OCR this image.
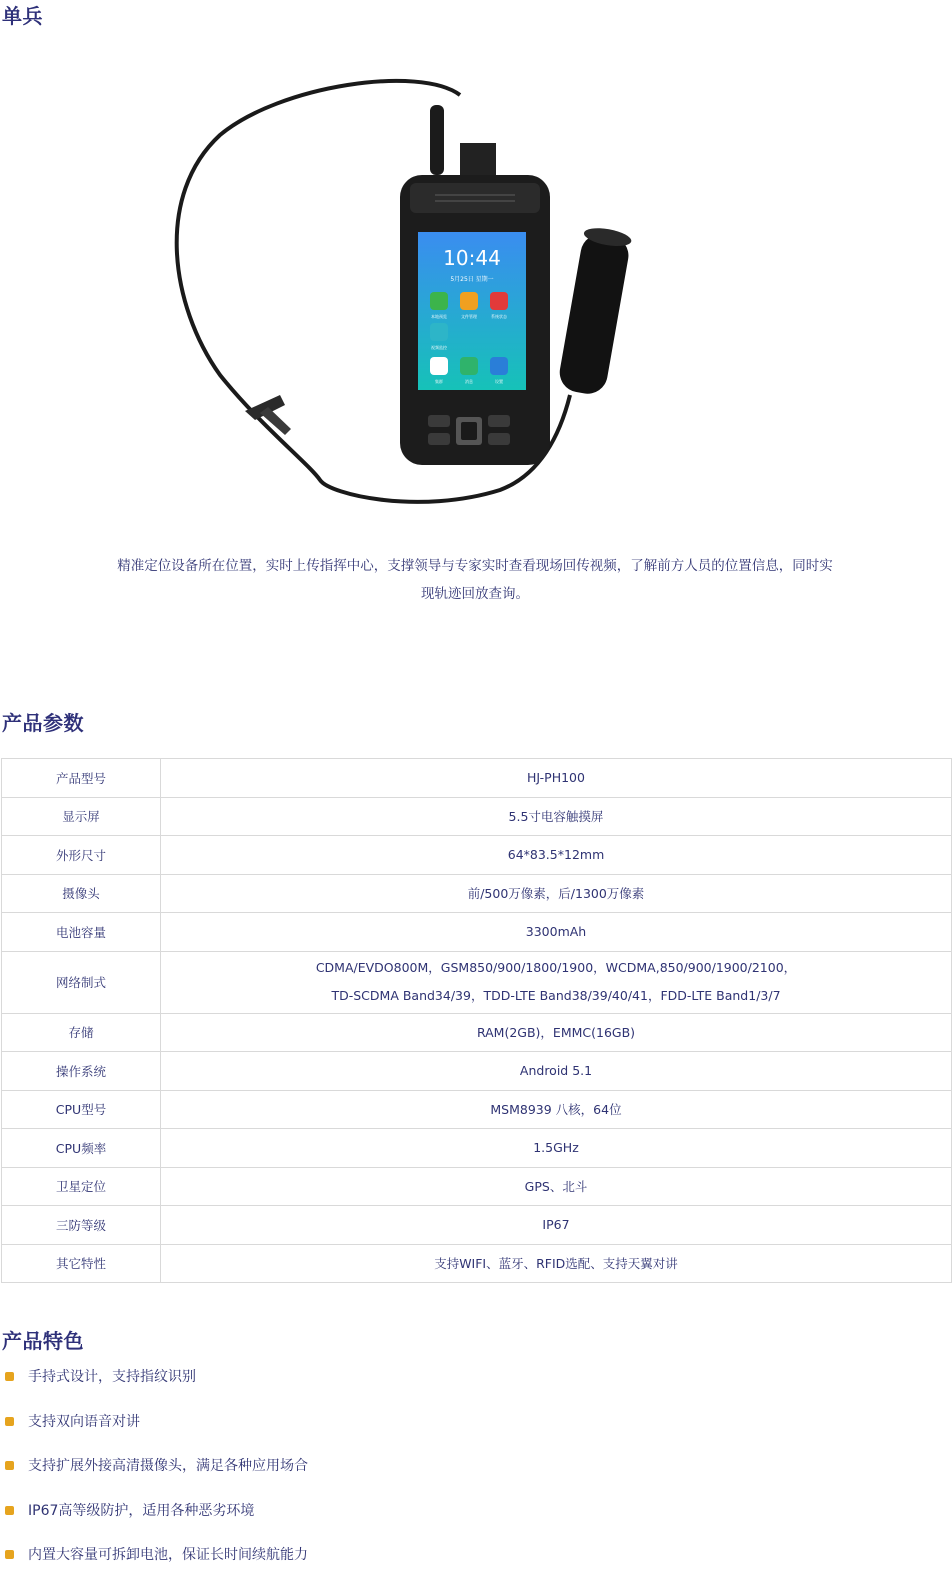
单兵
10:44
5月25日 星期一
本地预览	文件管理	系统状态
视频监控
集群	消息	设置
精准定位设备所在位置，实时上传指挥中心，支撑领导与专家实时查看现场回传视频，了解前方人员的位置信息，同时实
现轨迹回放查询。
产品参数
产品型号	HJ-PH100
显示屏	5.5寸电容触摸屏
外形尺寸	64*83.5*12mm
摄像头	前/500万像素，后/1300万像素
电池容量	3300mAh
网络制式	CDMA/EVDO800M，GSM850/900/1800/1900，WCDMA,850/900/1900/2100，
TD-SCDMA Band34/39，TDD-LTE Band38/39/40/41，FDD-LTE Band1/3/7

存储	RAM(2GB)，EMMC(16GB)
操作系统	Android 5.1
CPU型号	MSM8939 八核，64位
CPU频率	1.5GHz
卫星定位	GPS、北斗
三防等级	IP67
其它特性	支持WIFI、蓝牙、RFID选配、支持天翼对讲
产品特色
手持式设计，支持指纹识别
支持双向语音对讲
支持扩展外接高清摄像头，满足各种应用场合
IP67高等级防护，适用各种恶劣环境
内置大容量可拆卸电池，保证长时间续航能力
